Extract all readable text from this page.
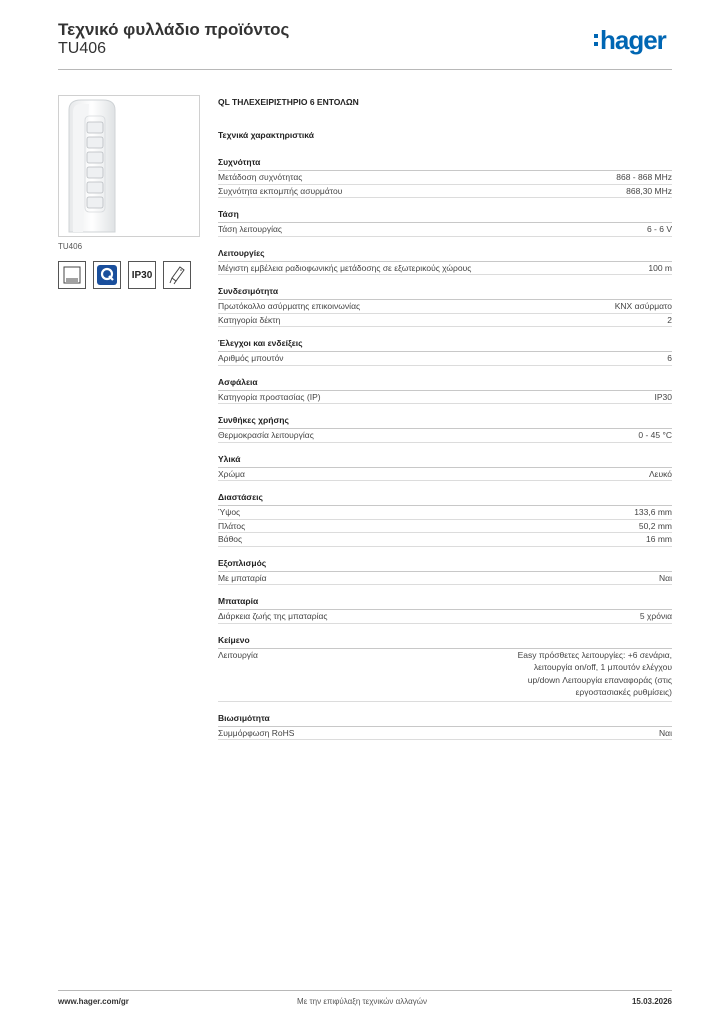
Τεχνικό φυλλάδιο προϊόντος
TU406	hager
TU406
IP30
QL ΤΗΛΕΧΕΙΡΙΣΤΗΡΙΟ 6 ΕΝΤΟΛΩΝ
Τεχνικά χαρακτηριστικά
Συχνότητα
Μετάδοση συχνότητας	868 - 868 MHz
Συχνότητα εκπομπής ασυρμάτου	868,30 MHz
Τάση
Τάση λειτουργίας	6 - 6 V
Λειτουργίες
Μέγιστη εμβέλεια ραδιοφωνικής μετάδοσης σε εξωτερικούς χώρους	100 m
Συνδεσιμότητα
Πρωτόκολλο ασύρματης επικοινωνίας	KNX ασύρματο
Κατηγορία δέκτη	2
Έλεγχοι και ενδείξεις
Αριθμός μπουτόν	6
Ασφάλεια
Κατηγορία προστασίας (IP)	IP30
Συνθήκες χρήσης
Θερμοκρασία λειτουργίας	0 - 45 °C
Υλικά
Χρώμα	Λευκό
Διαστάσεις
Ύψος	133,6 mm
Πλάτος	50,2 mm
Βάθος	16 mm
Εξοπλισμός
Με μπαταρία	Ναι
Μπαταρία
Διάρκεια ζωής της μπαταρίας	5 χρόνια
Κείμενο
Λειτουργία	Easy πρόσθετες λειτουργίες: +6 σενάρια, λειτουργία on/off, 1 μπουτόν ελέγχου up/down Λειτουργία επαναφοράς (στις εργοστασιακές ρυθμίσεις)
Βιωσιμότητα
Συμμόρφωση RoHS	Ναι
www.hager.com/gr	Με την επιφύλαξη τεχνικών αλλαγών	15.03.2026
